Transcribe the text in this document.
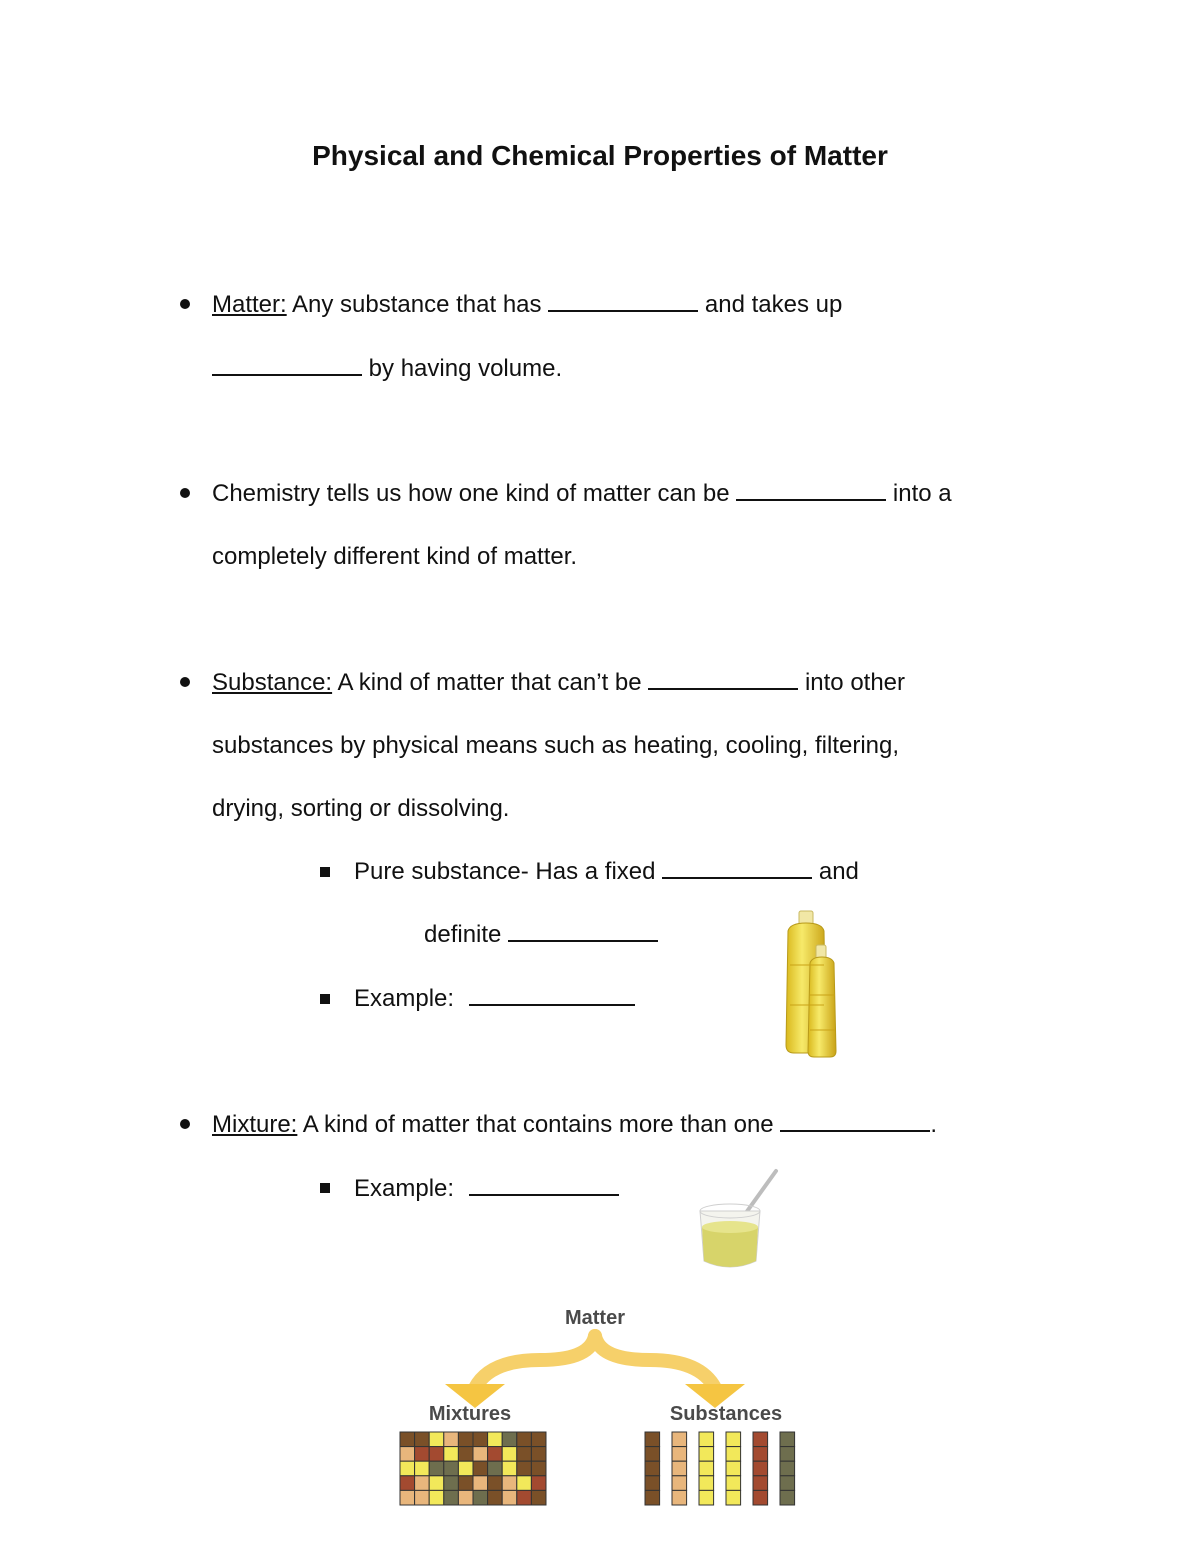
Physical and Chemical Properties of Matter
Matter: Any substance that has	and takes up
by having volume.
Chemistry tells us how one kind of matter can be	into a
completely different kind of matter.
Substance: A kind of matter that can’t be	into other
substances by physical means such as heating, cooling, filtering,
drying, sorting or dissolving.
Pure substance- Has a fixed	and
definite
Example:
Mixture: A kind of matter that contains more than one	.
Example:
Matter
Mixtures	Substances
